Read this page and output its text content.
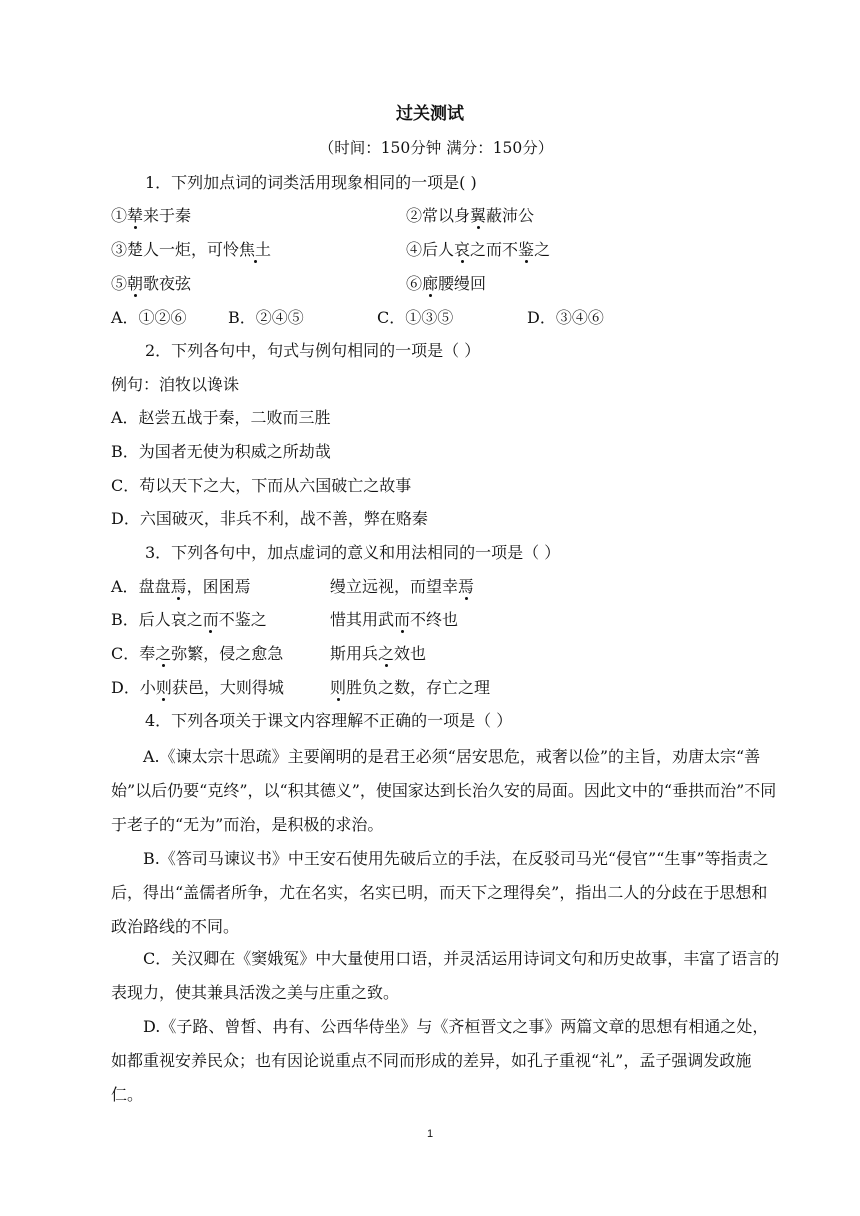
过关测试
（时间：150分钟 满分：150分）
1．下列加点词的词类活用现象相同的一项是( )
①辇来于秦	②常以身翼蔽沛公
③楚人一炬，可怜焦土	④后人哀之而不鉴之
⑤朝歌夜弦	⑥廊腰缦回
A．①②⑥	B．②④⑤	C．①③⑤	D．③④⑥
2．下列各句中，句式与例句相同的一项是（ ）
例句：洎牧以谗诛
A．赵尝五战于秦，二败而三胜
B．为国者无使为积威之所劫哉
C．苟以天下之大，下而从六国破亡之故事
D．六国破灭，非兵不利，战不善，弊在赂秦
3．下列各句中，加点虚词的意义和用法相同的一项是（ ）
A．盘盘焉，囷囷焉	缦立远视，而望幸焉
B．后人哀之而不鉴之	惜其用武而不终也
C．奉之弥繁，侵之愈急	斯用兵之效也
D．小则获邑，大则得城	则胜负之数，存亡之理
4．下列各项关于课文内容理解不正确的一项是（ ）
A.《谏太宗十思疏》主要阐明的是君王必须“居安思危，戒奢以俭”的主旨，劝唐太宗“善始”以后仍要“克终”，以“积其德义”，使国家达到长治久安的局面。因此文中的“垂拱而治”不同于老子的“无为”而治，是积极的求治。
B.《答司马谏议书》中王安石使用先破后立的手法，在反驳司马光“侵官”“生事”等指责之后，得出“盖儒者所争，尤在名实，名实已明，而天下之理得矣”，指出二人的分歧在于思想和政治路线的不同。
C．关汉卿在《窦娥冤》中大量使用口语，并灵活运用诗词文句和历史故事，丰富了语言的表现力，使其兼具活泼之美与庄重之致。
D.《子路、曾皙、冉有、公西华侍坐》与《齐桓晋文之事》两篇文章的思想有相通之处，如都重视安养民众；也有因论说重点不同而形成的差异，如孔子重视“礼”，孟子强调发政施仁。
1
